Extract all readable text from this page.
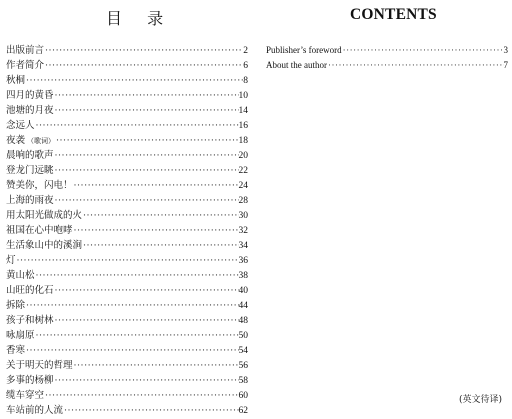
目 录
出版前言 ·····	2
作者简介 ·····	6
秋桐 ·····	8
四月的黄昏 ·····	10
池塘的月夜 ·····	14
念远人 ·····	16
夜袭 （歌词） ·····	18
晨响的歌声 ·····	20
登龙门远眺 ·····	22
赞美你，闪电！ ·····	24
上海的雨夜 ·····	28
用太阳光做成的火 ·····	30
祖国在心中咆哮 ·····	32
生活象山中的溪涧 ·····	34
灯 ·····	36
黄山松 ·····	38
山旺的化石 ·····	40
拆除 ·····	44
孩子和树林 ·····	48
咏扇原 ·····	50
香寒 ·····	54
关于明天的哲理 ·····	56
多事的杨柳 ·····	58
缆车穿空 ·····	60
车站前的人流 ·····	62
CONTENTS
Publisher’s foreword ·····	3
About the author ·····	7
(英文待译)
